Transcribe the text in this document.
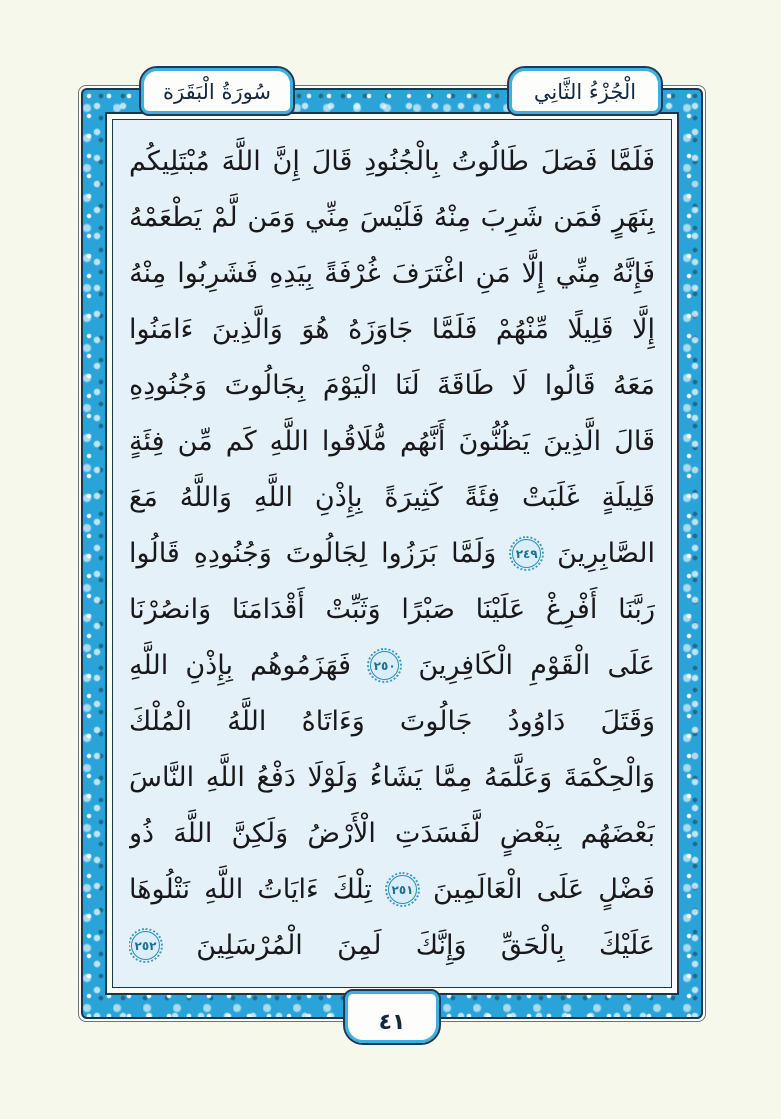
فَلَمَّا
فَصَلَ
طَالُوتُ
بِالْجُنُودِ
قَالَ
إِنَّ
اللَّهَ
مُبْتَلِيكُم
بِنَهَرٍ
فَمَن
شَرِبَ
مِنْهُ
فَلَيْسَ
مِنِّي
وَمَن
لَّمْ
يَطْعَمْهُ
فَإِنَّهُ
مِنِّي
إِلَّا
مَنِ
اغْتَرَفَ
غُرْفَةً
بِيَدِهِ
فَشَرِبُوا
مِنْهُ
إِلَّا
قَلِيلًا
مِّنْهُمْ
فَلَمَّا
جَاوَزَهُ
هُوَ
وَالَّذِينَ
ءَامَنُوا
مَعَهُ
قَالُوا
لَا
طَاقَةَ
لَنَا
الْيَوْمَ
بِجَالُوتَ
وَجُنُودِهِ
قَالَ
الَّذِينَ
يَظُنُّونَ
أَنَّهُم
مُّلَاقُوا
اللَّهِ
كَم
مِّن
فِئَةٍ
قَلِيلَةٍ
غَلَبَتْ
فِئَةً
كَثِيرَةً
بِإِذْنِ
اللَّهِ
وَاللَّهُ
مَعَ
الصَّابِرِينَ
٢٤٩
وَلَمَّا
بَرَزُوا
لِجَالُوتَ
وَجُنُودِهِ
قَالُوا
رَبَّنَا
أَفْرِغْ
عَلَيْنَا
صَبْرًا
وَثَبِّتْ
أَقْدَامَنَا
وَانصُرْنَا
عَلَى
الْقَوْمِ
الْكَافِرِينَ
٢٥٠
فَهَزَمُوهُم
بِإِذْنِ
اللَّهِ
وَقَتَلَ
دَاوُودُ
جَالُوتَ
وَءَاتَاهُ
اللَّهُ
الْمُلْكَ
وَالْحِكْمَةَ
وَعَلَّمَهُ
مِمَّا
يَشَاءُ
وَلَوْلَا
دَفْعُ
اللَّهِ
النَّاسَ
بَعْضَهُم
بِبَعْضٍ
لَّفَسَدَتِ
الْأَرْضُ
وَلَكِنَّ
اللَّهَ
ذُو
فَضْلٍ
عَلَى
الْعَالَمِينَ
٢٥١
تِلْكَ
ءَايَاتُ
اللَّهِ
نَتْلُوهَا
عَلَيْكَ
بِالْحَقِّ
وَإِنَّكَ
لَمِنَ
الْمُرْسَلِينَ
٢٥٢
سُورَةُ الْبَقَرَة	الْجُزْءُ الثَّانِي
٤١
